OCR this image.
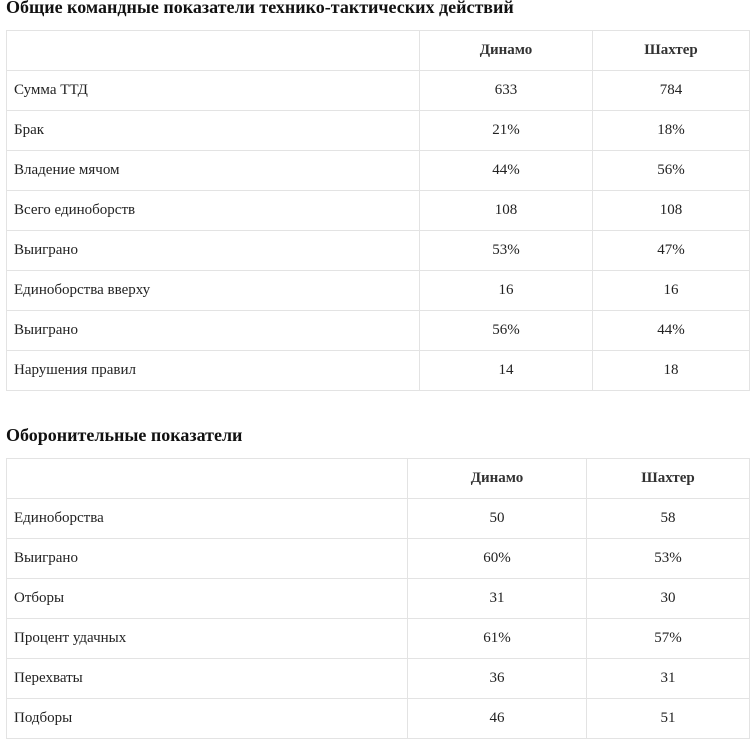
Общие командные показатели технико-тактических действий
	Динамо	Шахтер
Сумма ТТД	633	784
Брак	21%	18%
Владение мячом	44%	56%
Всего единоборств	108	108
Выиграно	53%	47%
Единоборства вверху	16	16
Выиграно	56%	44%
Нарушения правил	14	18
Оборонительные показатели
	Динамо	Шахтер
Единоборства	50	58
Выиграно	60%	53%
Отборы	31	30
Процент удачных	61%	57%
Перехваты	36	31
Подборы	46	51
